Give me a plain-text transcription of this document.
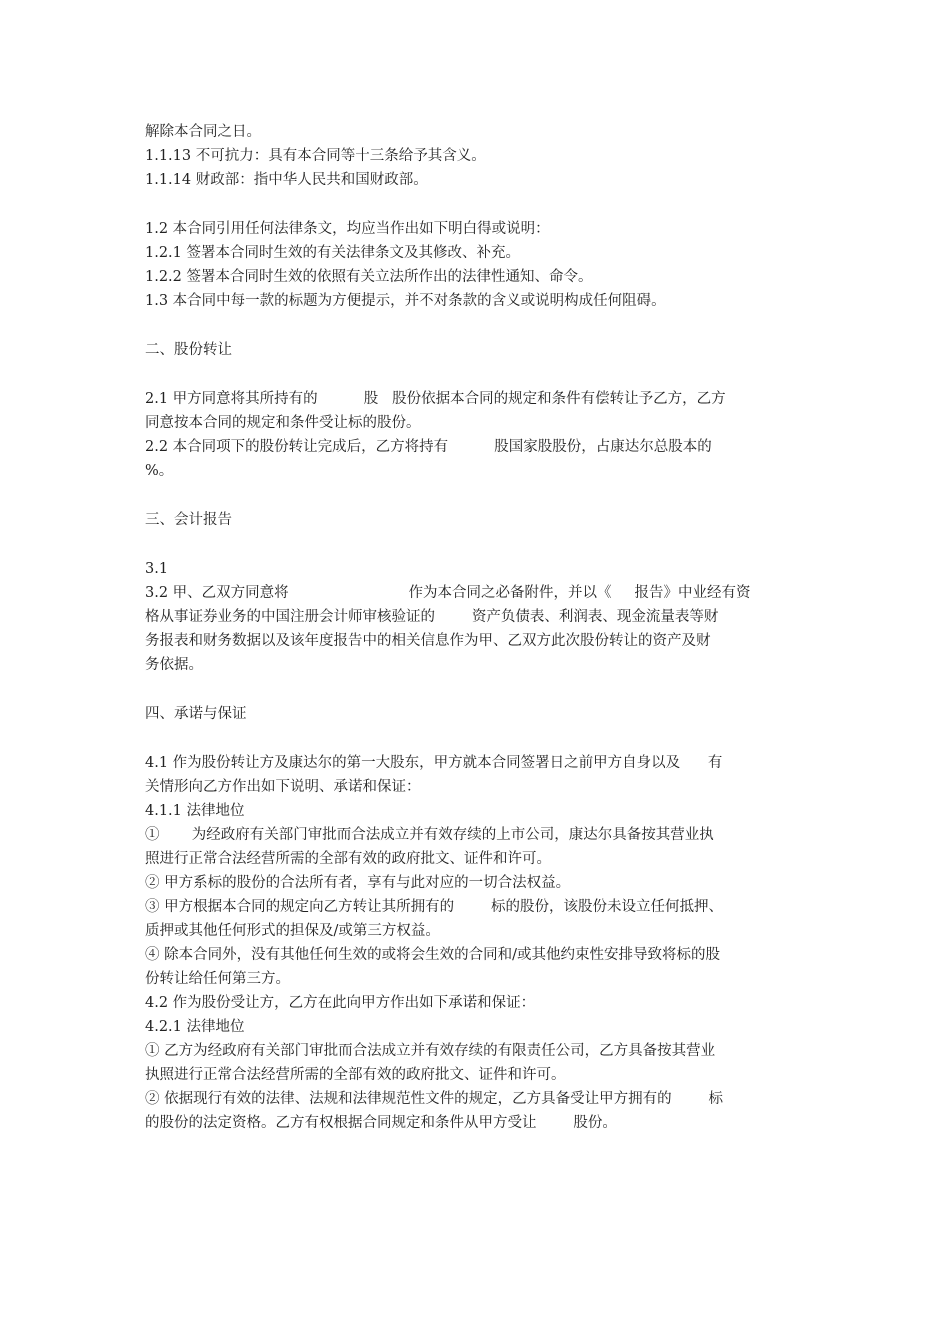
解除本合同之日。
1.1.13 不可抗力：具有本合同等十三条给予其含义。
1.1.14 财政部：指中华人民共和国财政部。
1.2 本合同引用任何法律条文，均应当作出如下明白得或说明：
1.2.1 签署本合同时生效的有关法律条文及其修改、补充。
1.2.2 签署本合同时生效的依照有关立法所作出的法律性通知、命令。
1.3 本合同中每一款的标题为方便提示，并不对条款的含义或说明构成任何阻碍。
二、股份转让
2.1 甲方同意将其所持有的          股   股份依据本合同的规定和条件有偿转让予乙方，乙方
同意按本合同的规定和条件受让标的股份。
2.2 本合同项下的股份转让完成后，乙方将持有          股国家股股份，占康达尔总股本的
%。
三、会计报告
3.1
3.2 甲、乙双方同意将                          作为本合同之必备附件，并以《     报告》中业经有资
格从事证券业务的中国注册会计师审核验证的        资产负债表、利润表、现金流量表等财
务报表和财务数据以及该年度报告中的相关信息作为甲、乙双方此次股份转让的资产及财
务依据。
四、承诺与保证
4.1 作为股份转让方及康达尔的第一大股东，甲方就本合同签署日之前甲方自身以及      有
关情形向乙方作出如下说明、承诺和保证：
4.1.1 法律地位
①       为经政府有关部门审批而合法成立并有效存续的上市公司，康达尔具备按其营业执
照进行正常合法经营所需的全部有效的政府批文、证件和许可。
② 甲方系标的股份的合法所有者，享有与此对应的一切合法权益。
③ 甲方根据本合同的规定向乙方转让其所拥有的        标的股份，该股份未设立任何抵押、
质押或其他任何形式的担保及/或第三方权益。
④ 除本合同外，没有其他任何生效的或将会生效的合同和/或其他约束性安排导致将标的股
份转让给任何第三方。
4.2 作为股份受让方，乙方在此向甲方作出如下承诺和保证：
4.2.1 法律地位
① 乙方为经政府有关部门审批而合法成立并有效存续的有限责任公司，乙方具备按其营业
执照进行正常合法经营所需的全部有效的政府批文、证件和许可。
② 依据现行有效的法律、法规和法律规范性文件的规定，乙方具备受让甲方拥有的        标
的股份的法定资格。乙方有权根据合同规定和条件从甲方受让        股份。
